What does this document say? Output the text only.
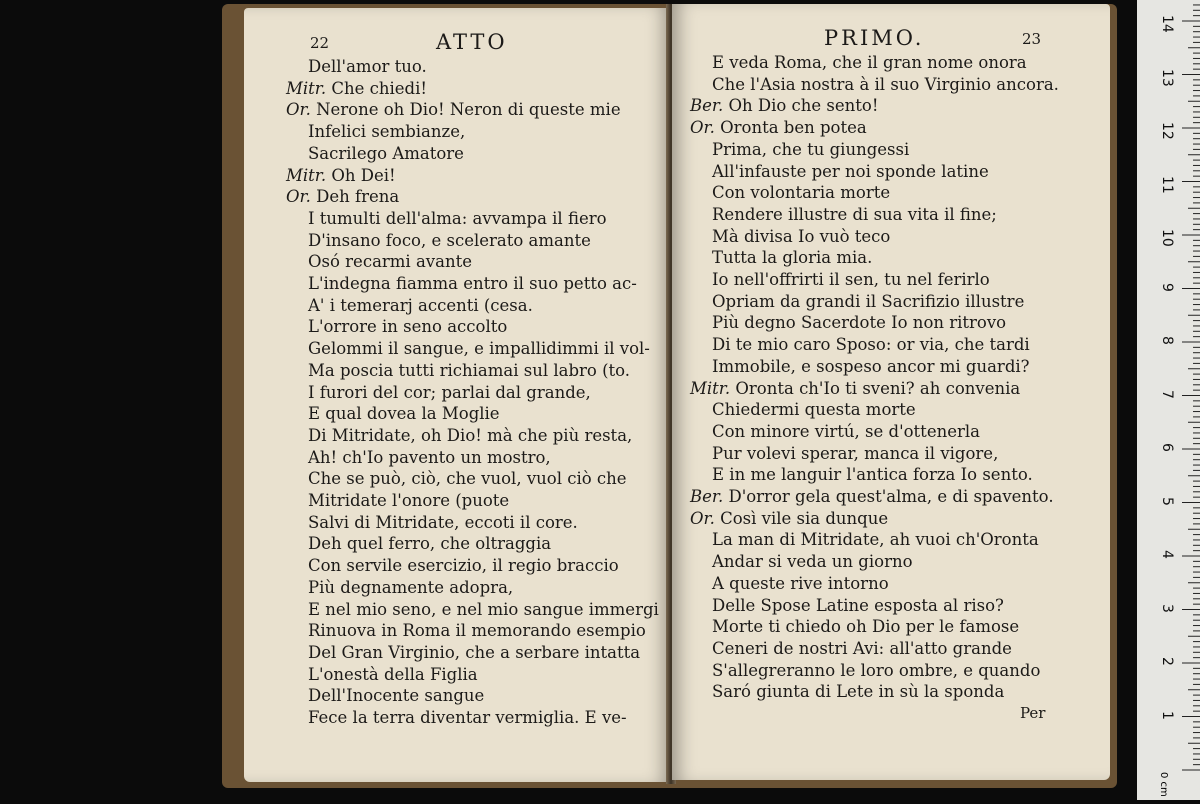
22	ATTO
Dell'amor tuo.
Mitr. Che chiedi!
Or. Nerone oh Dio! Neron di queste mie
Infelici sembianze,
Sacrilego Amatore
Mitr. Oh Dei!
Or. Deh frena
I tumulti dell'alma: avvampa il fiero
D'insano foco, e scelerato amante
Osó recarmi avante
L'indegna fiamma entro il suo petto ac-
A' i temerarj accenti (cesa.
L'orrore in seno accolto
Gelommi il sangue, e impallidimmi il vol-
Ma poscia tutti richiamai sul labro (to.
I furori del cor; parlai dal grande,
E qual dovea la Moglie
Di Mitridate, oh Dio! mà che più resta,
Ah! ch'Io pavento un mostro,
Che se può, ciò, che vuol, vuol ciò che
Mitridate l'onore (puote
Salvi di Mitridate, eccoti il core.
Deh quel ferro, che oltraggia
Con servile esercizio, il regio braccio
Più degnamente adopra,
E nel mio seno, e nel mio sangue immergi
Rinuova in Roma il memorando esempio
Del Gran Virginio, che a serbare intatta
L'onestà della Figlia
Dell'Inocente sangue
Fece la terra diventar vermiglia. E ve-
PRIMO.	23
E veda Roma, che il gran nome onora
Che l'Asia nostra à il suo Virginio ancora.
Ber. Oh Dio che sento!
Or. Oronta ben potea
Prima, che tu giungessi
All'infauste per noi sponde latine
Con volontaria morte
Rendere illustre di sua vita il fine;
Mà divisa Io vuò teco
Tutta la gloria mia.
Io nell'offrirti il sen, tu nel ferirlo
Opriam da grandi il Sacrifizio illustre
Più degno Sacerdote Io non ritrovo
Di te mio caro Sposo: or via, che tardi
Immobile, e sospeso ancor mi guardi?
Mitr. Oronta ch'Io ti sveni? ah convenia
Chiedermi questa morte
Con minore virtú, se d'ottenerla
Pur volevi sperar, manca il vigore,
E in me languir l'antica forza Io sento.
Ber. D'orror gela quest'alma, e di spavento.
Or. Così vile sia dunque
La man di Mitridate, ah vuoi ch'Oronta
Andar si veda un giorno
A queste rive intorno
Delle Spose Latine esposta al riso?
Morte ti chiedo oh Dio per le famose
Ceneri de nostri Avi: all'atto grande
S'allegreranno le loro ombre, e quando
Saró giunta di Lete in sù la sponda
Per
0 cm
1
2
3
4
5
6
7
8
9
10
11
12
13
14
